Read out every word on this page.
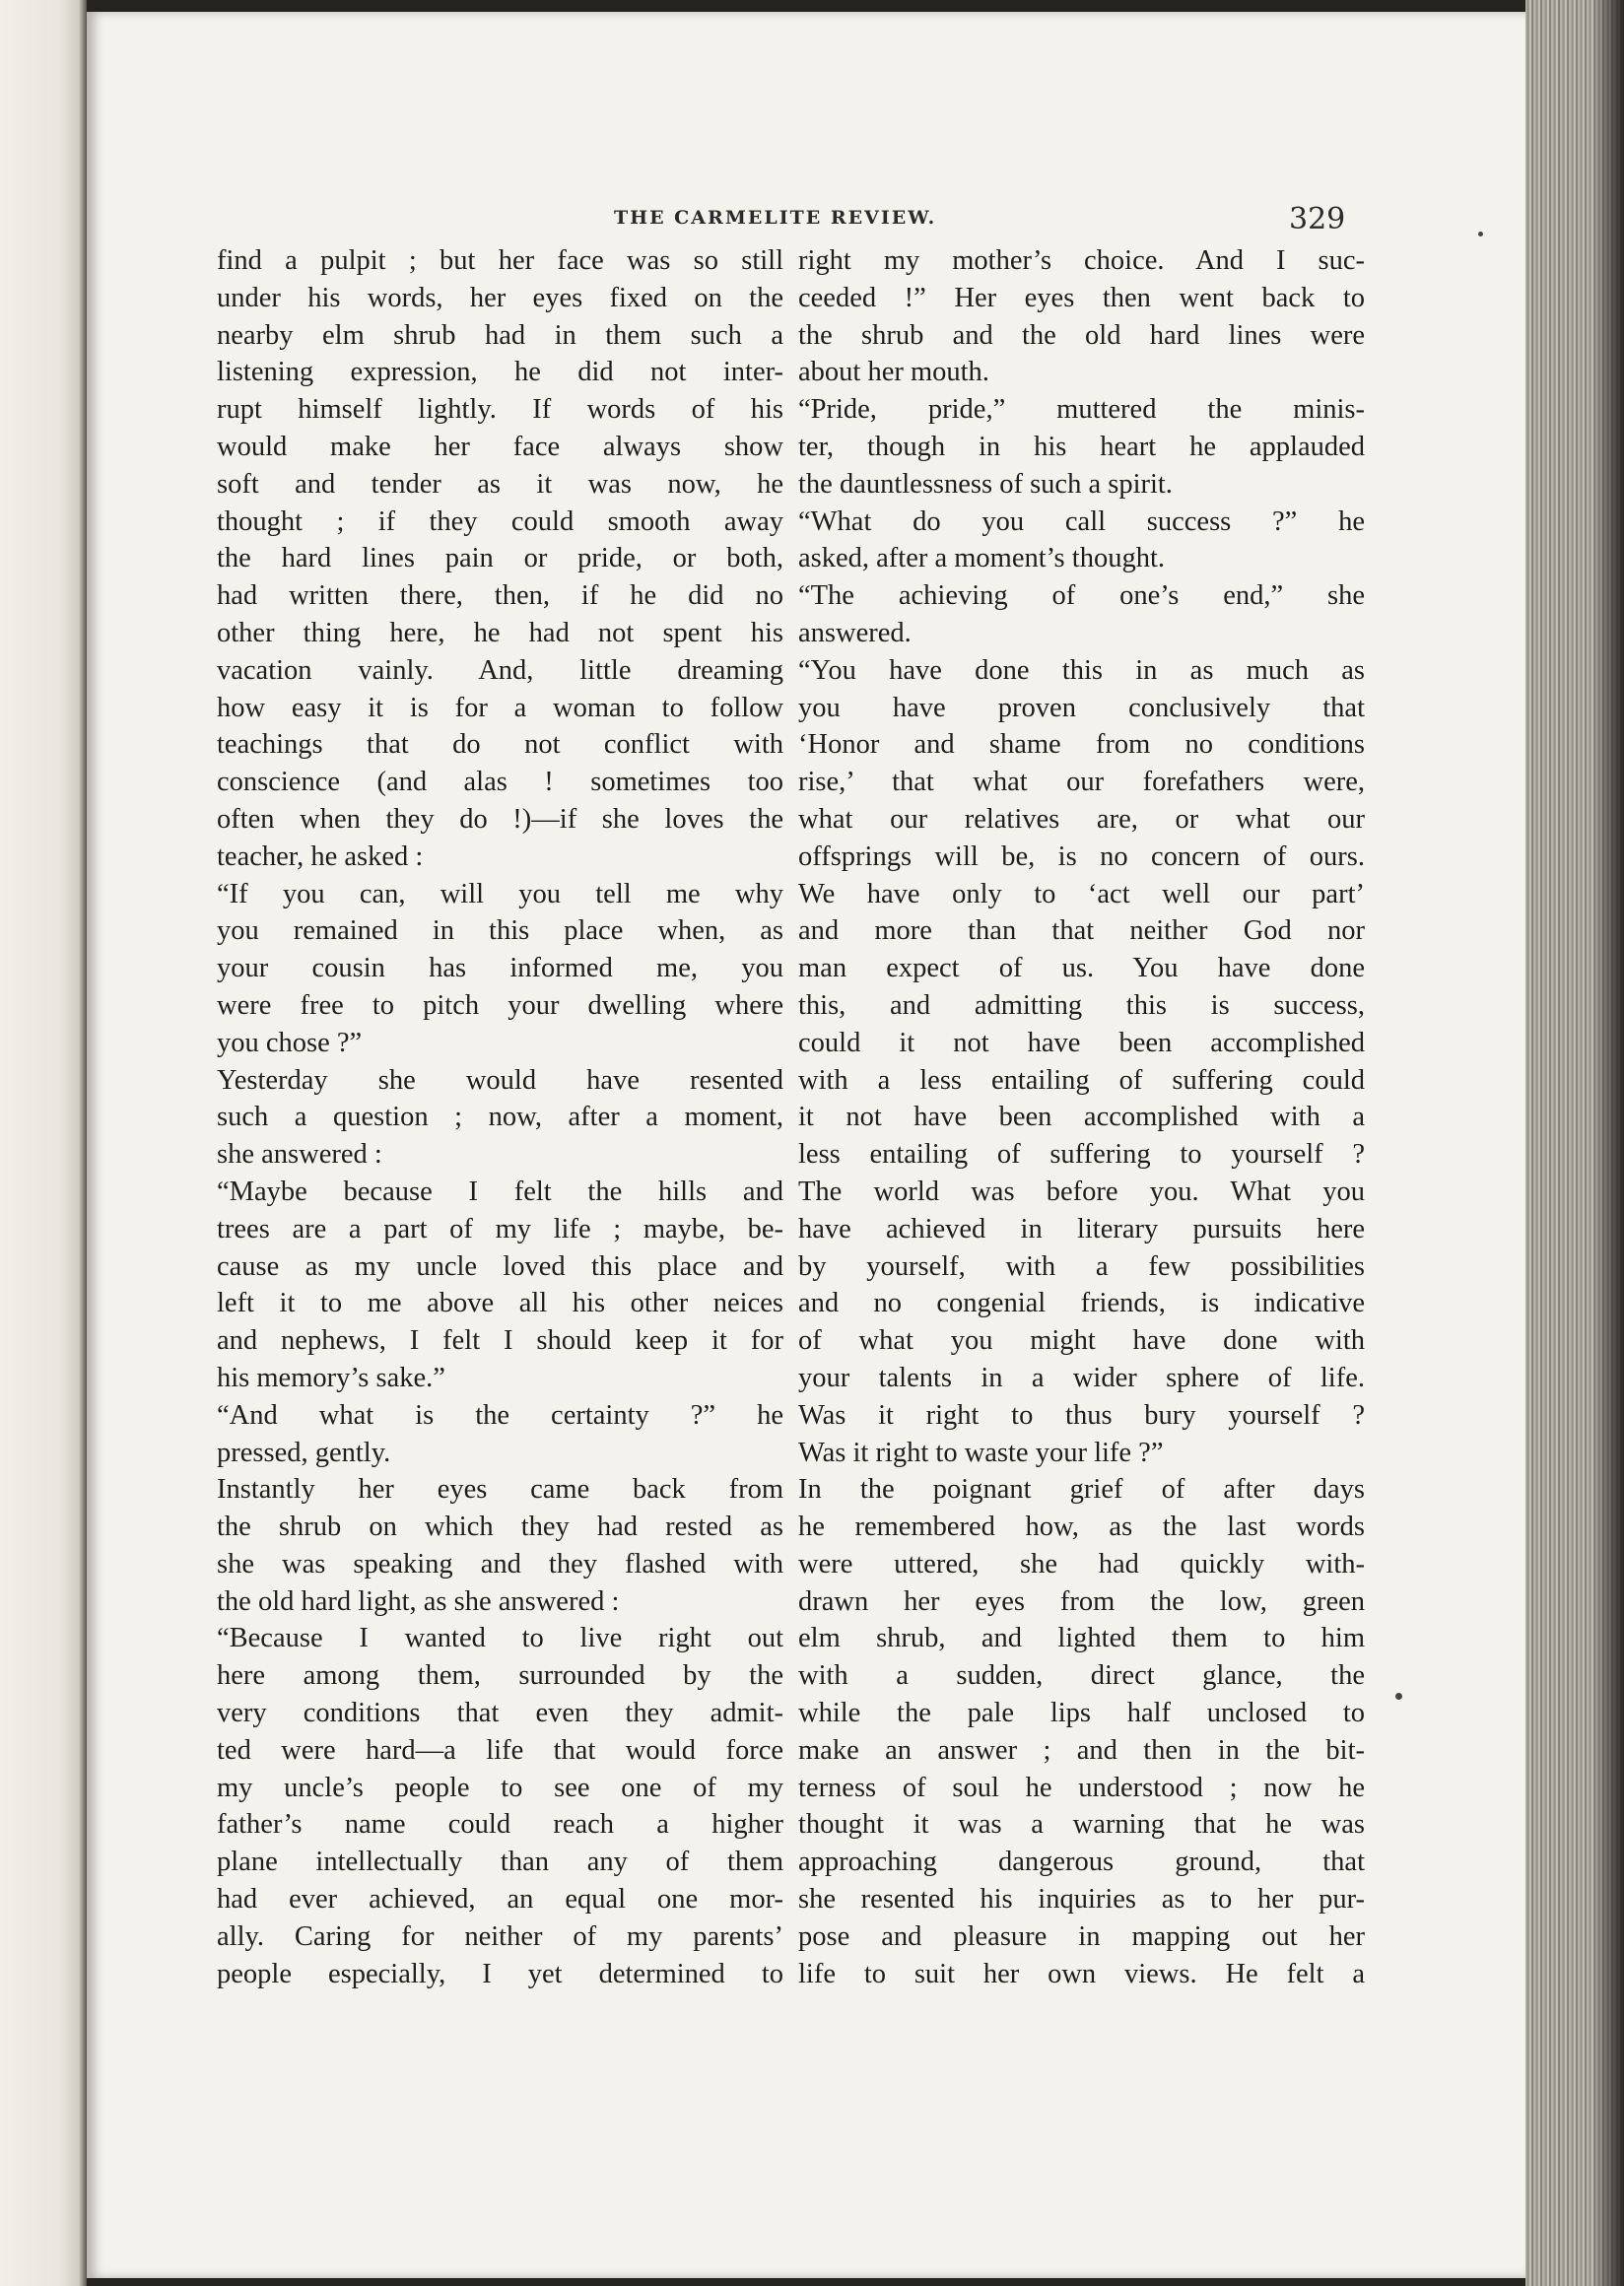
THE CARMELITE REVIEW.	329
find a pulpit ; but her face was so still
under his words, her eyes fixed on the
nearby elm shrub had in them such a
listening expression, he did not inter-
rupt himself lightly. If words of his
would make her face always show
soft and tender as it was now, he
thought ; if they could smooth away
the hard lines pain or pride, or both,
had written there, then, if he did no
other thing here, he had not spent his
vacation vainly. And, little dreaming
how easy it is for a woman to follow
teachings that do not conflict with
conscience (and alas ! sometimes too
often when they do !)—if she loves the
teacher, he asked :
“If you can, will you tell me why
you remained in this place when, as
your cousin has informed me, you
were free to pitch your dwelling where
you chose ?”
Yesterday she would have resented
such a question ; now, after a moment,
she answered :
“Maybe because I felt the hills and
trees are a part of my life ; maybe, be-
cause as my uncle loved this place and
left it to me above all his other neices
and nephews, I felt I should keep it for
his memory’s sake.”
“And what is the certainty ?” he
pressed, gently.
Instantly her eyes came back from
the shrub on which they had rested as
she was speaking and they flashed with
the old hard light, as she answered :
“Because I wanted to live right out
here among them, surrounded by the
very conditions that even they admit-
ted were hard—a life that would force
my uncle’s people to see one of my
father’s name could reach a higher
plane intellectually than any of them
had ever achieved, an equal one mor-
ally. Caring for neither of my parents’
people especially, I yet determined to
right my mother’s choice. And I suc-
ceeded !” Her eyes then went back to
the shrub and the old hard lines were
about her mouth.
“Pride, pride,” muttered the minis-
ter, though in his heart he applauded
the dauntlessness of such a spirit.
“What do you call success ?” he
asked, after a moment’s thought.
“The achieving of one’s end,” she
answered.
“You have done this in as much as
you have proven conclusively that
‘Honor and shame from no conditions
rise,’ that what our forefathers were,
what our relatives are, or what our
offsprings will be, is no concern of ours.
We have only to ‘act well our part’
and more than that neither God nor
man expect of us. You have done
this, and admitting this is success,
could it not have been accomplished
with a less entailing of suffering could
it not have been accomplished with a
less entailing of suffering to yourself ?
The world was before you. What you
have achieved in literary pursuits here
by yourself, with a few possibilities
and no congenial friends, is indicative
of what you might have done with
your talents in a wider sphere of life.
Was it right to thus bury yourself ?
Was it right to waste your life ?”
In the poignant grief of after days
he remembered how, as the last words
were uttered, she had quickly with-
drawn her eyes from the low, green
elm shrub, and lighted them to him
with a sudden, direct glance, the
while the pale lips half unclosed to
make an answer ; and then in the bit-
terness of soul he understood ; now he
thought it was a warning that he was
approaching dangerous ground, that
she resented his inquiries as to her pur-
pose and pleasure in mapping out her
life to suit her own views. He felt a
